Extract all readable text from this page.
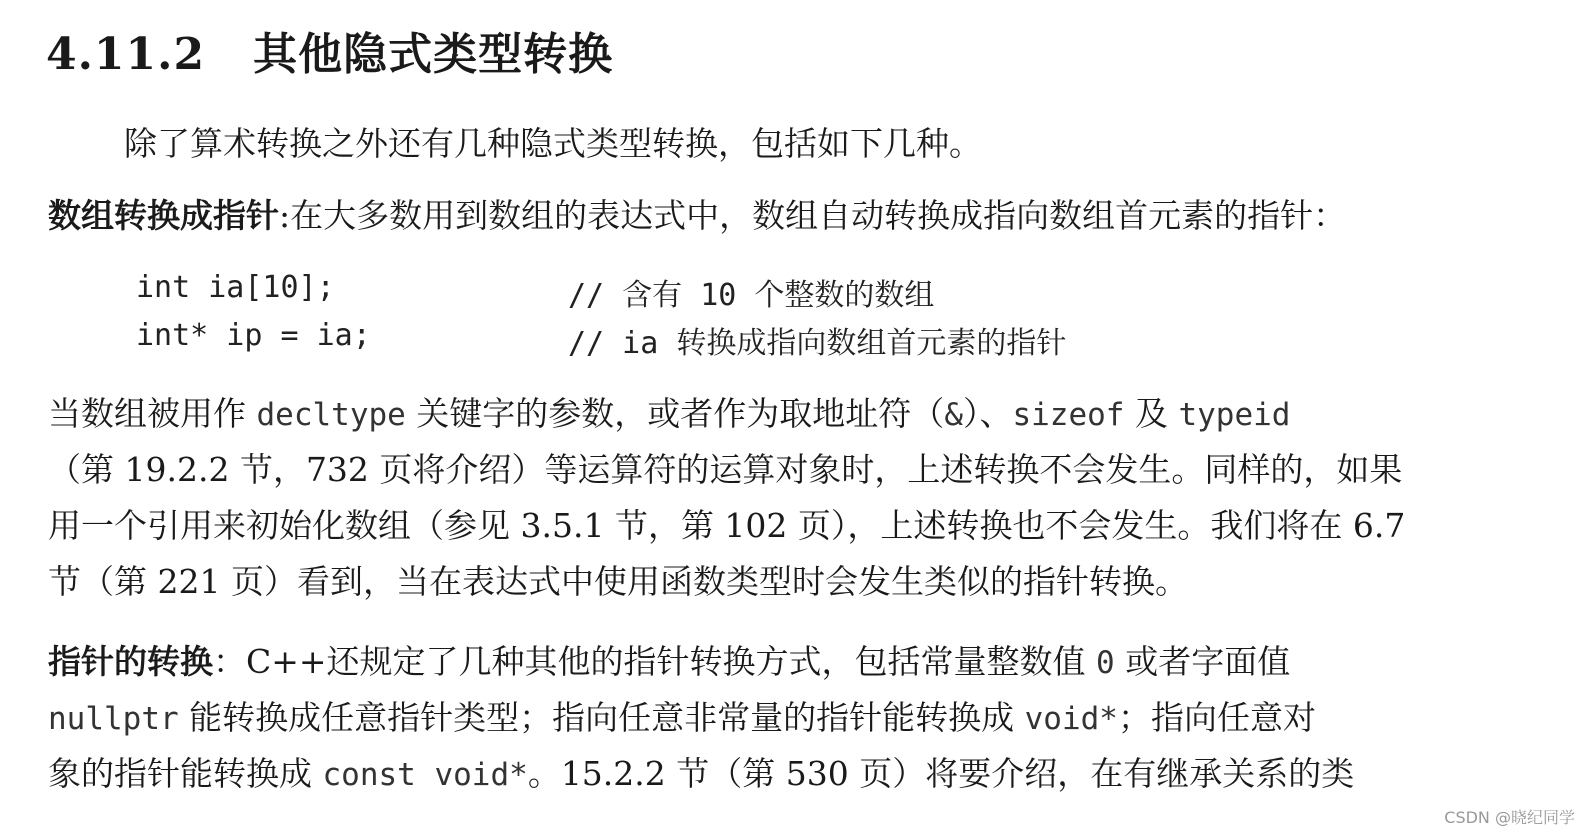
4.11.2 其他隐式类型转换
除了算术转换之外还有几种隐式类型转换，包括如下几种。
数组转换成指针:在大多数用到数组的表达式中，数组自动转换成指向数组首元素的指针：
int ia[10];	// 含有 10 个整数的数组
int* ip = ia;	// ia 转换成指向数组首元素的指针
当数组被用作 decltype 关键字的参数，或者作为取地址符（&）、sizeof 及 typeid
（第 19.2.2 节，732 页将介绍）等运算符的运算对象时，上述转换不会发生。同样的，如果
用一个引用来初始化数组（参见 3.5.1 节，第 102 页），上述转换也不会发生。我们将在 6.7
节（第 221 页）看到，当在表达式中使用函数类型时会发生类似的指针转换。
指针的转换：C++还规定了几种其他的指针转换方式，包括常量整数值 0 或者字面值
nullptr 能转换成任意指针类型；指向任意非常量的指针能转换成 void*；指向任意对
象的指针能转换成 const void*。15.2.2 节（第 530 页）将要介绍，在有继承关系的类
CSDN @晓纪同学
